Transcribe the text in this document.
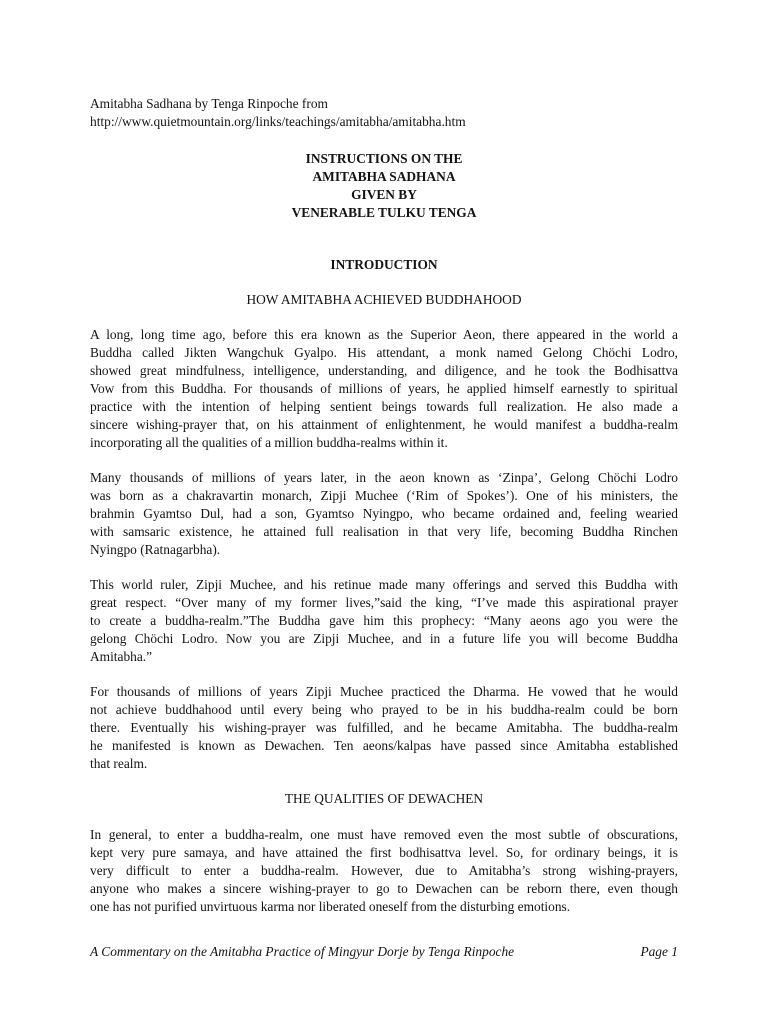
Amitabha Sadhana by Tenga Rinpoche from
http://www.quietmountain.org/links/teachings/amitabha/amitabha.htm
INSTRUCTIONS ON THE
AMITABHA SADHANA
GIVEN BY
VENERABLE TULKU TENGA
INTRODUCTION
HOW AMITABHA ACHIEVED BUDDHAHOOD
A long, long time ago, before this era known as the Superior Aeon, there appeared in the world a
Buddha called Jikten Wangchuk Gyalpo. His attendant, a monk named Gelong Chöchi Lodro,
showed great mindfulness, intelligence, understanding, and diligence, and he took the Bodhisattva
Vow from this Buddha. For thousands of millions of years, he applied himself earnestly to spiritual
practice with the intention of helping sentient beings towards full realization. He also made a
sincere wishing-prayer that, on his attainment of enlightenment, he would manifest a buddha-realm
incorporating all the qualities of a million buddha-realms within it.
Many thousands of millions of years later, in the aeon known as ‘Zinpa’, Gelong Chöchi Lodro
was born as a chakravartin monarch, Zipji Muchee (‘Rim of Spokes’). One of his ministers, the
brahmin Gyamtso Dul, had a son, Gyamtso Nyingpo, who became ordained and, feeling wearied
with samsaric existence, he attained full realisation in that very life, becoming Buddha Rinchen
Nyingpo (Ratnagarbha).
This world ruler, Zipji Muchee, and his retinue made many offerings and served this Buddha with
great respect. “Over many of my former lives,”said the king, “I’ve made this aspirational prayer
to create a buddha-realm.”The Buddha gave him this prophecy: “Many aeons ago you were the
gelong Chöchi Lodro. Now you are Zipji Muchee, and in a future life you will become Buddha
Amitabha.”
For thousands of millions of years Zipji Muchee practiced the Dharma. He vowed that he would
not achieve buddhahood until every being who prayed to be in his buddha-realm could be born
there. Eventually his wishing-prayer was fulfilled, and he became Amitabha. The buddha-realm
he manifested is known as Dewachen. Ten aeons/kalpas have passed since Amitabha established
that realm.
THE QUALITIES OF DEWACHEN
In general, to enter a buddha-realm, one must have removed even the most subtle of obscurations,
kept very pure samaya, and have attained the first bodhisattva level. So, for ordinary beings, it is
very difficult to enter a buddha-realm. However, due to Amitabha’s strong wishing-prayers,
anyone who makes a sincere wishing-prayer to go to Dewachen can be reborn there, even though
one has not purified unvirtuous karma nor liberated oneself from the disturbing emotions.
A Commentary on the Amitabha Practice of Mingyur Dorje by Tenga Rinpoche	Page 1
